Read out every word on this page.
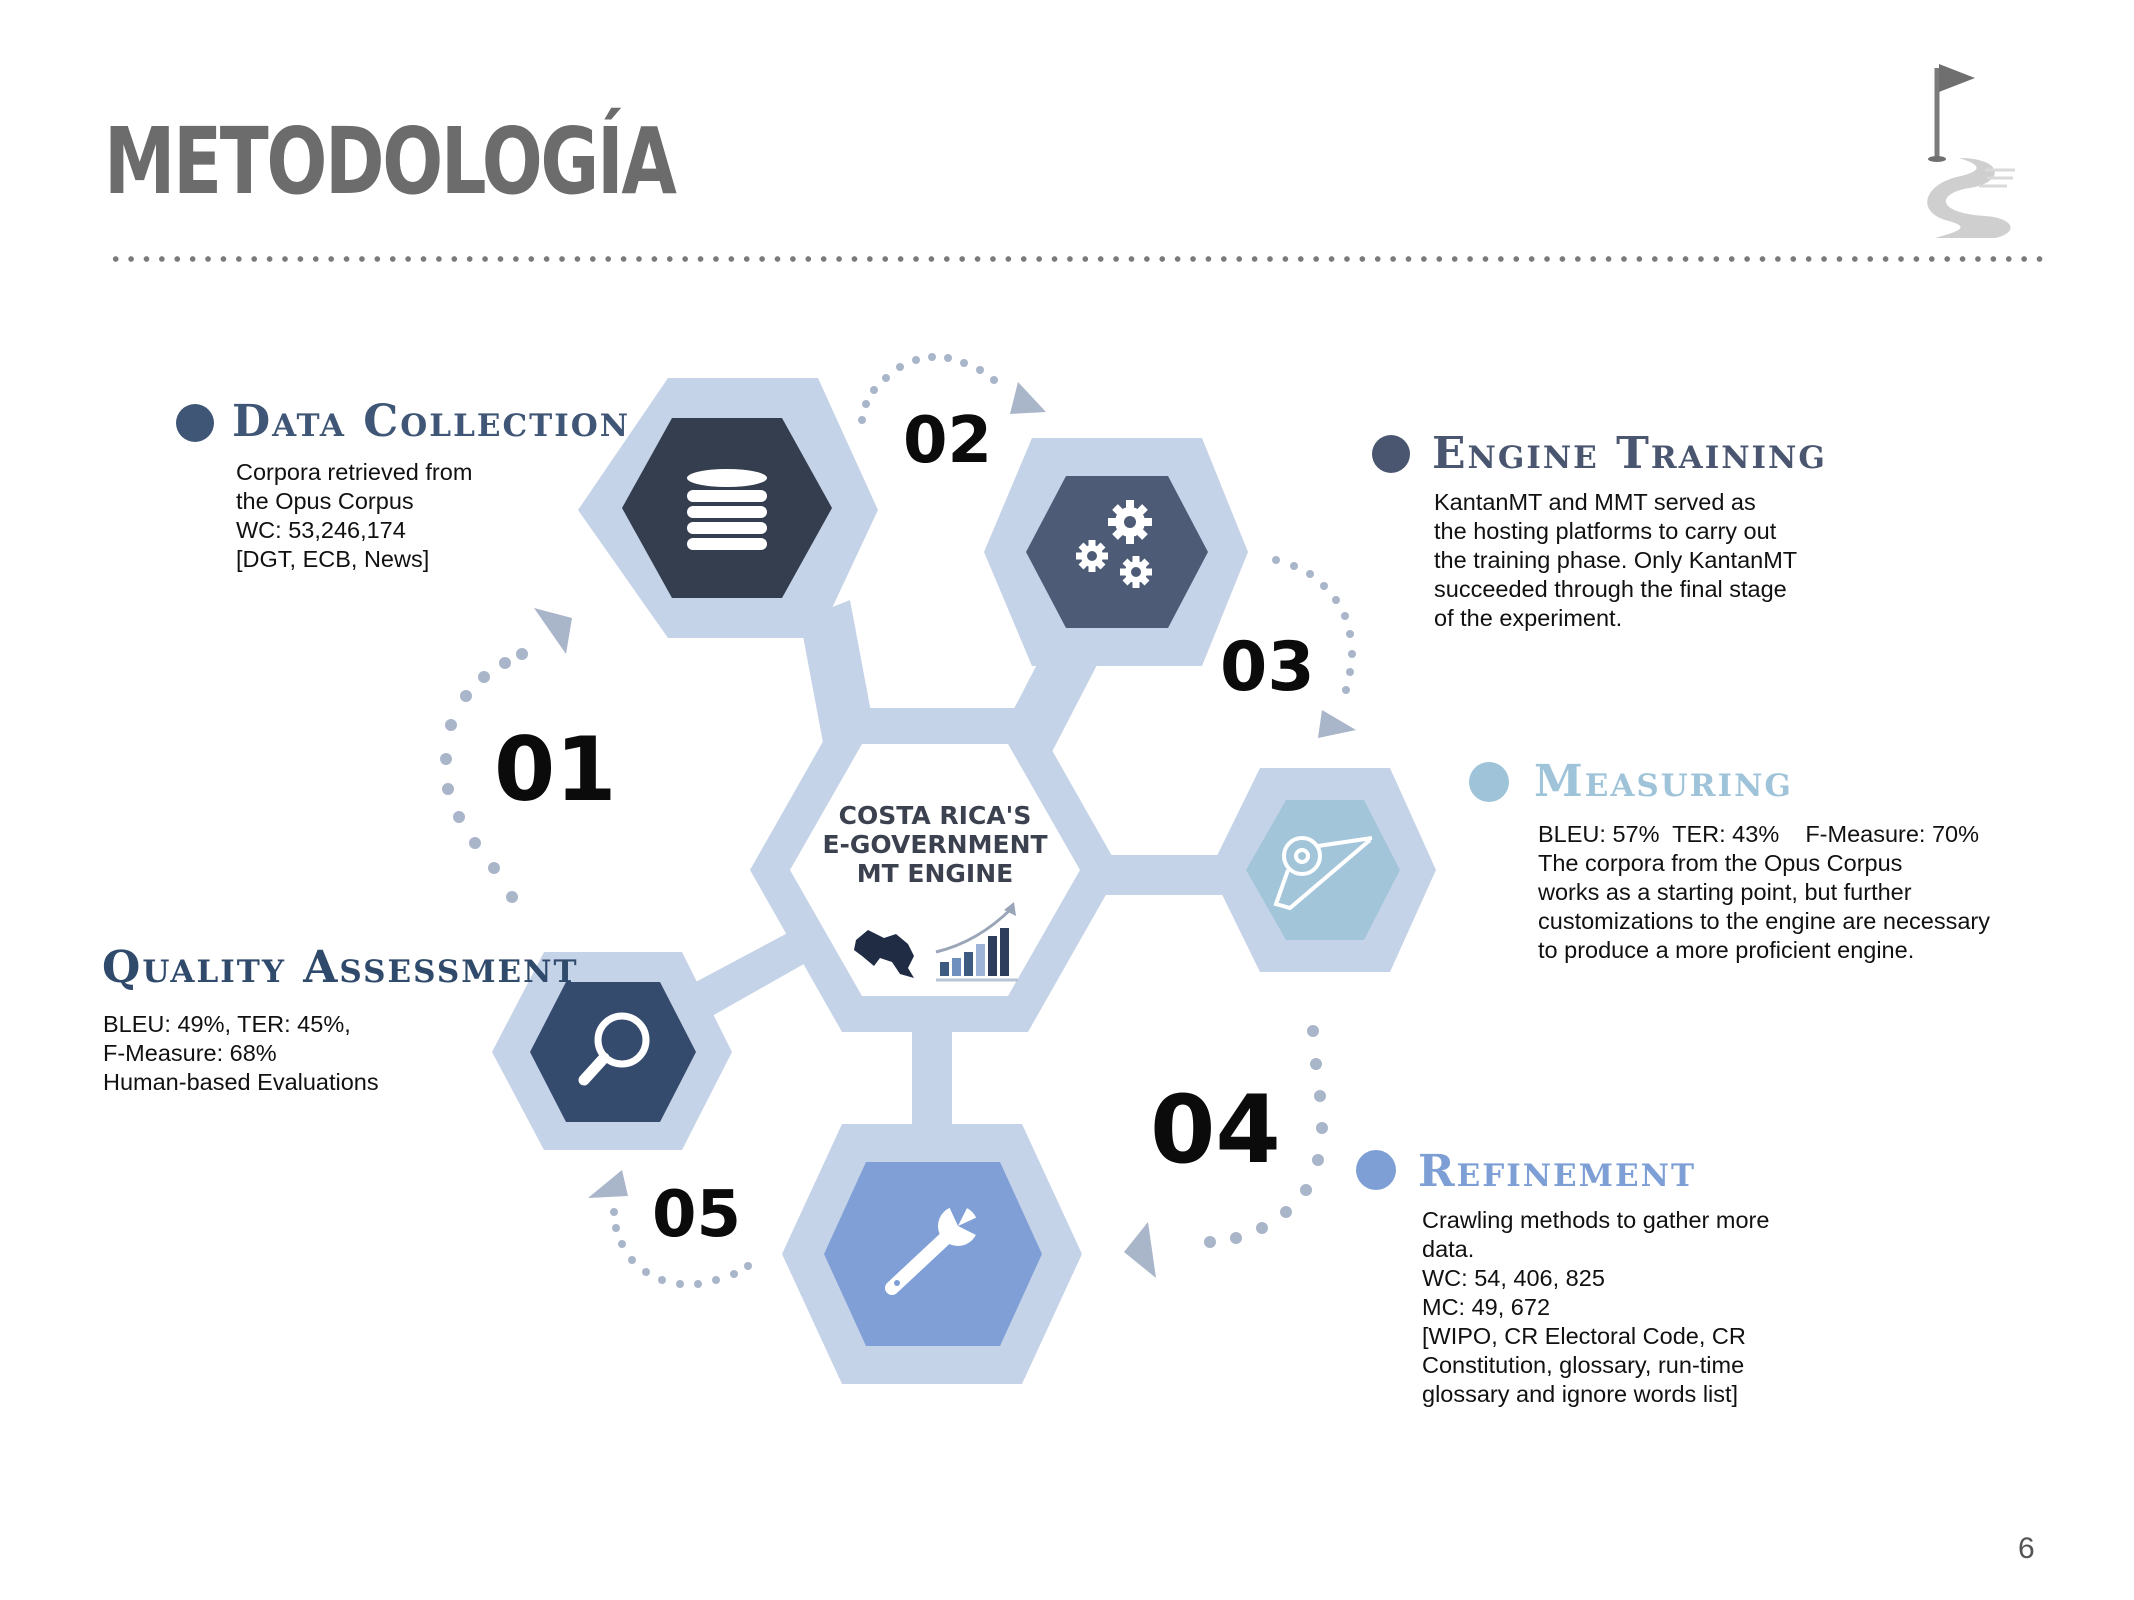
METODOLOGÍA
COSTA RICA'S
E-GOVERNMENT
MT ENGINE
01
02
03
04
05
Data Collection
Corpora retrieved from
the Opus Corpus
WC: 53,246,174
[DGT, ECB, News]
Engine Training
KantanMT and MMT served as
the hosting platforms to carry out
the training phase. Only KantanMT
succeeded through the final stage
of the experiment.
Measuring
BLEU: 57%  TER: 43%    F-Measure: 70%
The corpora from the Opus Corpus
works as a starting point, but further
customizations to the engine are necessary
to produce a more proficient engine.
Refinement
Crawling methods to gather more
data.
WC: 54, 406, 825
MC: 49, 672
[WIPO, CR Electoral Code, CR
Constitution, glossary, run-time
glossary and ignore words list]
Quality Assessment
BLEU: 49%, TER: 45%,
F-Measure: 68%
Human-based Evaluations
6
